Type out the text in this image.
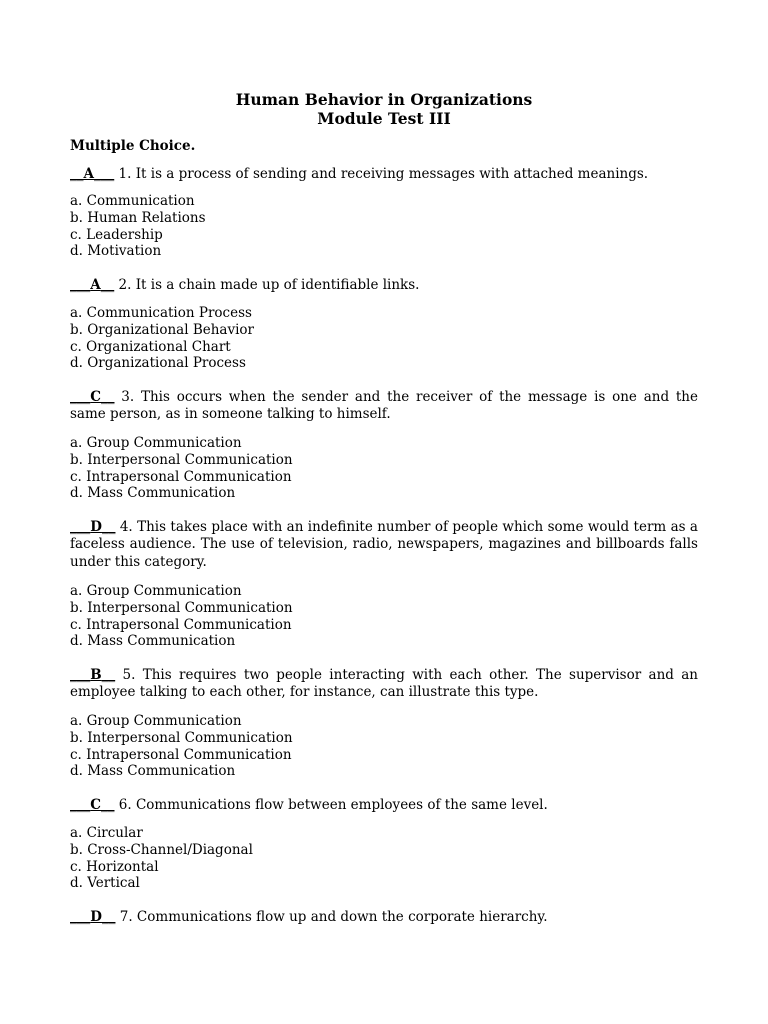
Human Behavior in Organizations
Module Test III

Multiple Choice.

__A___ 1. It is a process of sending and receiving messages with attached meanings.

a. Communication
b. Human Relations
c. Leadership
d. Motivation

___A__ 2. It is a chain made up of identifiable links.

a. Communication Process
b. Organizational Behavior
c. Organizational Chart
d. Organizational Process

___C__ 3. This occurs when the sender and the receiver of the message is one and the same person, as in someone talking to himself.

a. Group Communication
b. Interpersonal Communication
c. Intrapersonal Communication
d. Mass Communication

___D__ 4. This takes place with an indefinite number of people which some would term as a faceless audience. The use of television, radio, newspapers, magazines and billboards falls under this category.

a. Group Communication
b. Interpersonal Communication
c. Intrapersonal Communication
d. Mass Communication

___B__ 5. This requires two people interacting with each other. The supervisor and an employee talking to each other, for instance, can illustrate this type.

a. Group Communication
b. Interpersonal Communication
c. Intrapersonal Communication
d. Mass Communication

___C__ 6. Communications flow between employees of the same level.

a. Circular
b. Cross-Channel/Diagonal
c. Horizontal
d. Vertical

___D__ 7. Communications flow up and down the corporate hierarchy.
